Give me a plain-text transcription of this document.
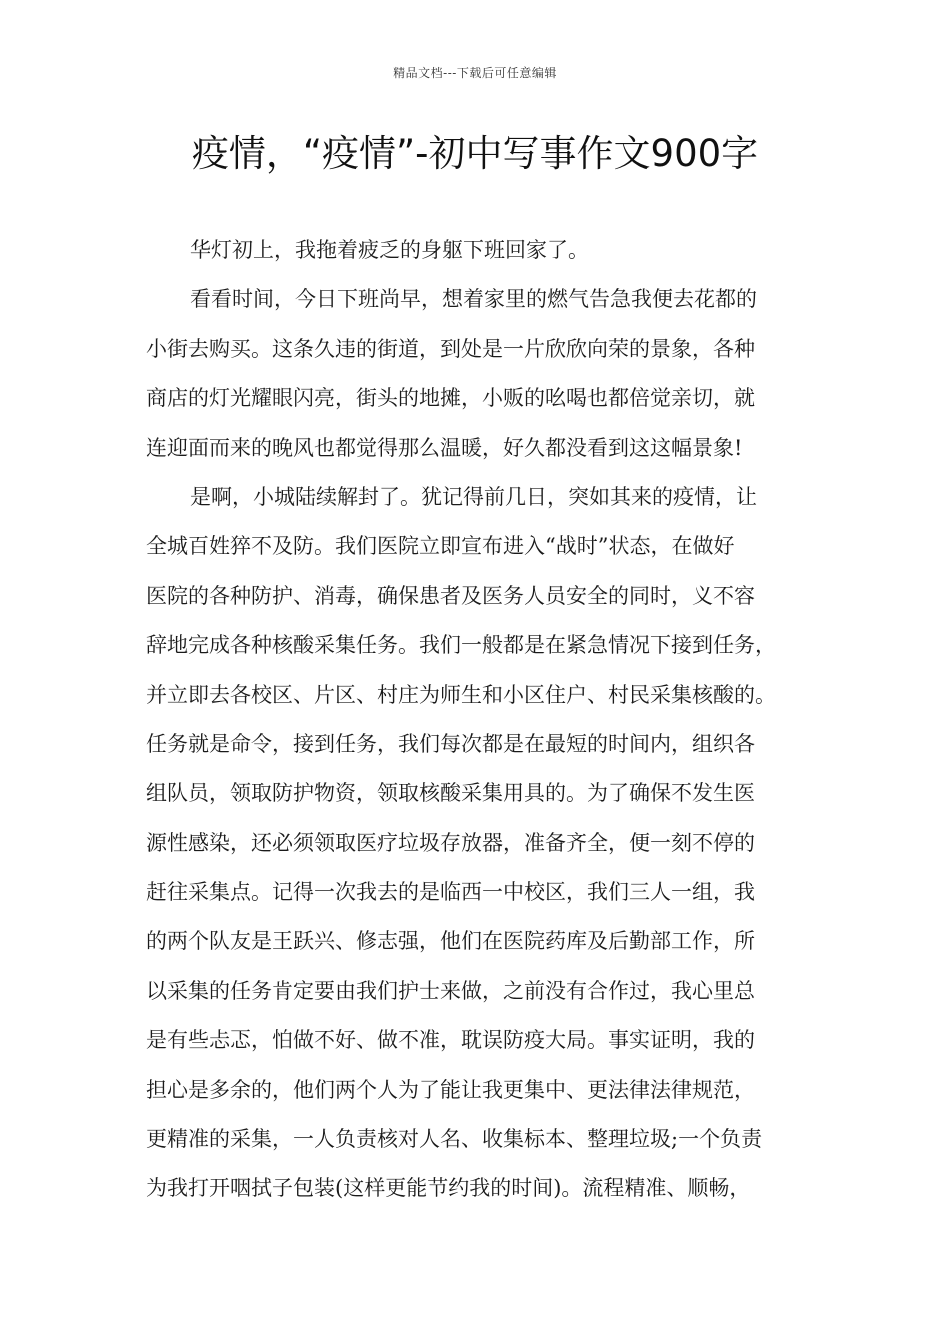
精品文档---下载后可任意编辑
疫情，“疫情”-初中写事作文900字
华灯初上，我拖着疲乏的身躯下班回家了。
看看时间，今日下班尚早，想着家里的燃气告急我便去花都的
小街去购买。这条久违的街道，到处是一片欣欣向荣的景象，各种
商店的灯光耀眼闪亮，街头的地摊，小贩的吆喝也都倍觉亲切，就
连迎面而来的晚风也都觉得那么温暖，好久都没看到这这幅景象!
是啊，小城陆续解封了。犹记得前几日，突如其来的疫情，让
全城百姓猝不及防。我们医院立即宣布进入“战时”状态，在做好
医院的各种防护、消毒，确保患者及医务人员安全的同时，义不容
辞地完成各种核酸采集任务。我们一般都是在紧急情况下接到任务，
并立即去各校区、片区、村庄为师生和小区住户、村民采集核酸的。
任务就是命令，接到任务，我们每次都是在最短的时间内，组织各
组队员，领取防护物资，领取核酸采集用具的。为了确保不发生医
源性感染，还必须领取医疗垃圾存放器，准备齐全，便一刻不停的
赶往采集点。记得一次我去的是临西一中校区，我们三人一组，我
的两个队友是王跃兴、修志强，他们在医院药库及后勤部工作，所
以采集的任务肯定要由我们护士来做，之前没有合作过，我心里总
是有些忐忑，怕做不好、做不准，耽误防疫大局。事实证明，我的
担心是多余的，他们两个人为了能让我更集中、更法律法律规范，
更精准的采集，一人负责核对人名、收集标本、整理垃圾;一个负责
为我打开咽拭子包装(这样更能节约我的时间)。流程精准、顺畅，
